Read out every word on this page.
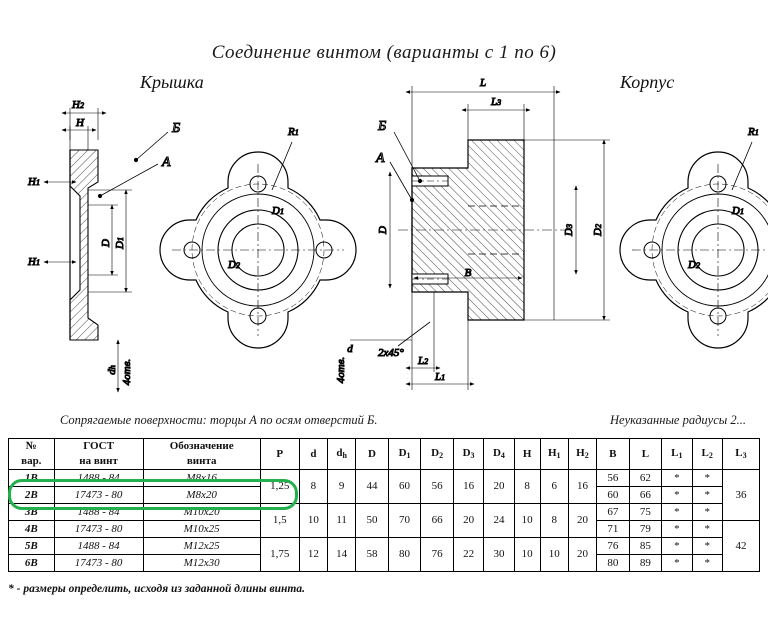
Соединение винтом (варианты с 1 по 6)
Крышка	Корпус
H2
H
H1
H1
D D1
dh 4отв.
Б
А
D1
D2
R1
L
L3
B
D	D2
D3
L2
L1
d
4отв.
2х45°
Б
А
D1
D2
R1
Сопрягаемые поверхности: торцы А по осям отверстий Б.	Неуказанные радиусы 2...
№
вар.

ГОСТ
на винт

Обозначение
винта
	P	d	$d_h$	D	$D_1$	$D_2$	$D_3$	$D_4$	H	$H_1$	$H_2$	B	L	$L_1$	$L_2$	$L_3$
1В	1488 - 84	М8х16	1,25	8	9	44	60	56	16	20	8	6	16	56	62	*	*	36
2В	17473 - 80	М8х20												60	66	*	*	
3В	1488 - 84	М10х20	1,5	10	11	50	70	66	20	24	10	8	20	67	75	*	*	
4В	17473 - 80	М10х25												71	79	*	*	42
5В	1488 - 84	М12х25	1,75	12	14	58	80	76	22	30	10	10	20	76	85	*	*	
6В	17473 - 80	М12х30												80	89	*	*	
* - размеры определить, исходя из заданной длины винта.
